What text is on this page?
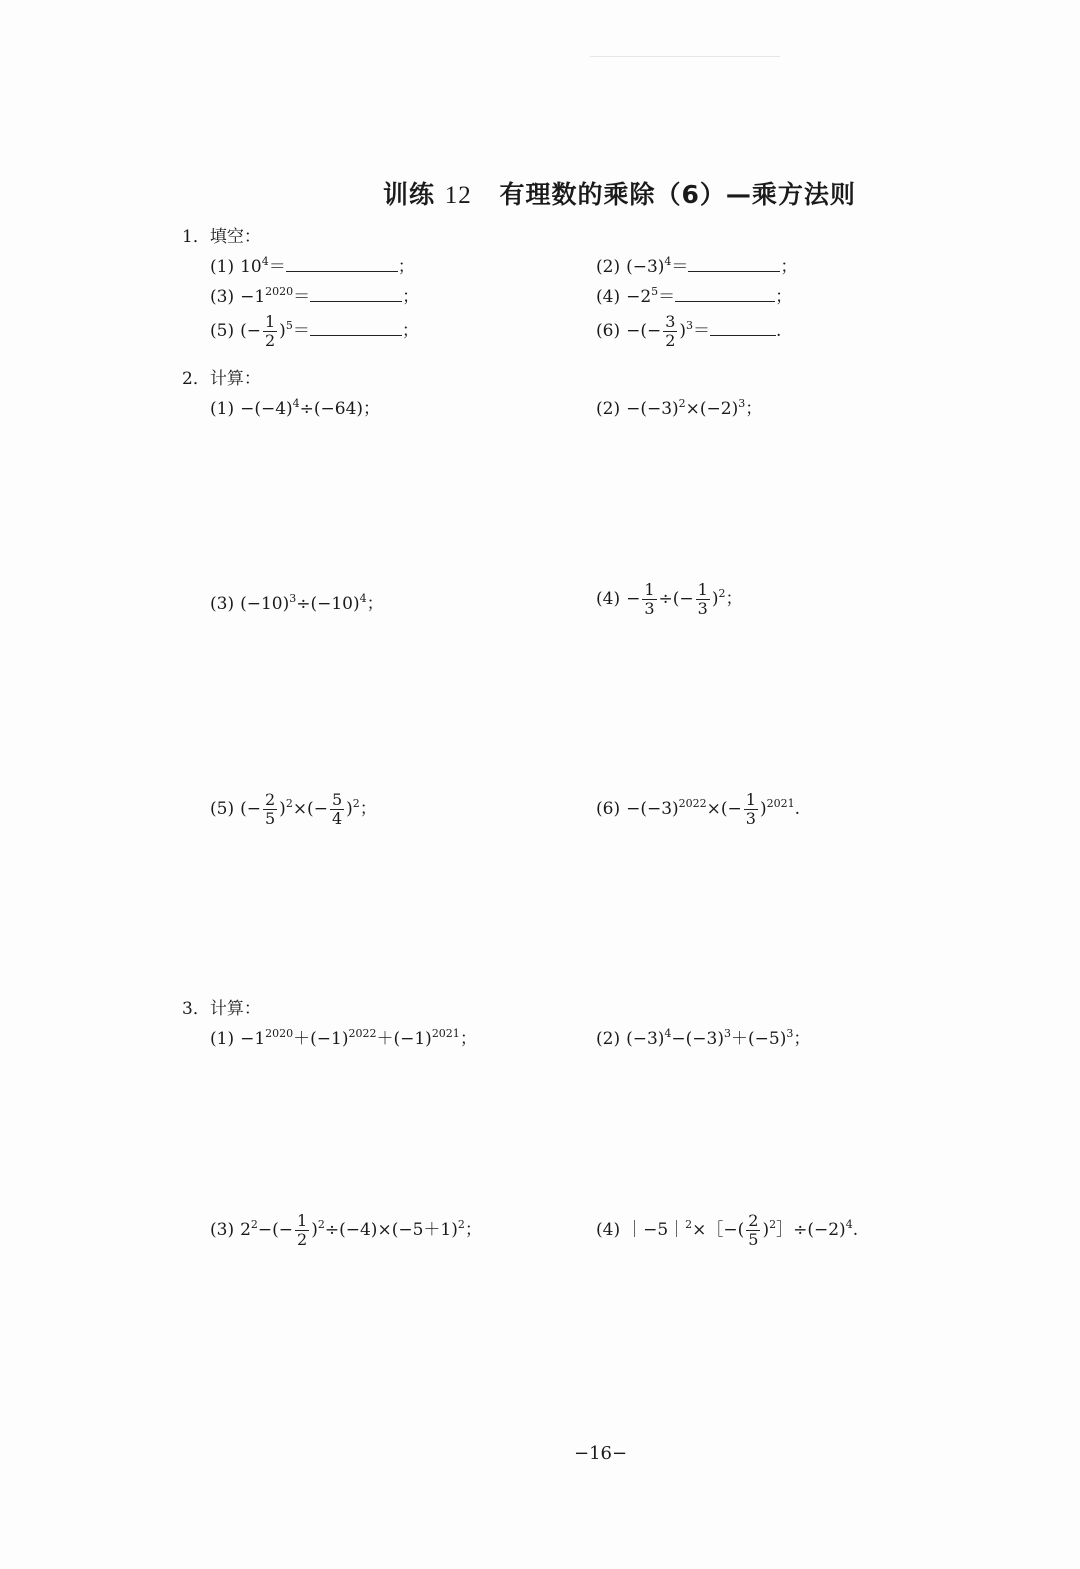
训练 12 有理数的乘除（6）—乘方法则
1．填空：
(1) $10^4=$	；	(2) $(-3)^4=$	；
$(3) -1^{2020}=$	；	$(4) -2^5=$	；
(5) (− $\frac{1}{2} )^5=$	；	(6) −(− $\frac{3}{2} )^3=$	.
2．计算：
$(1) -(-4)^4\div(-64)$；	$(2) -(-3)^2\times(-2)^3$；
(3) $(-10)^3\div(-10)^4$；	$(4) - \frac{1}{3}$ ÷(− $\frac{1}{3} )^2$；
(5) (− $\frac{2}{5} )^2\times(- \frac{5}{4} )^2$；	$(6) -(-3)^{2022}\times(- \frac{1}{3} )^{2021}$.
3．计算：
$(1) -1^{2020}+(-1)^{2022}+(-1)^{2021}$；	(2) $(-3)^4-(-3)^3+(-5)^3$；
(3) $2^2-(- \frac{1}{2} )^2\div(-4)\times(-5+1)^2$；	(4) ｜−5｜$^2$×［−( $\frac{2}{5}$ )$^2]\div(-2)^4$.
−16−
